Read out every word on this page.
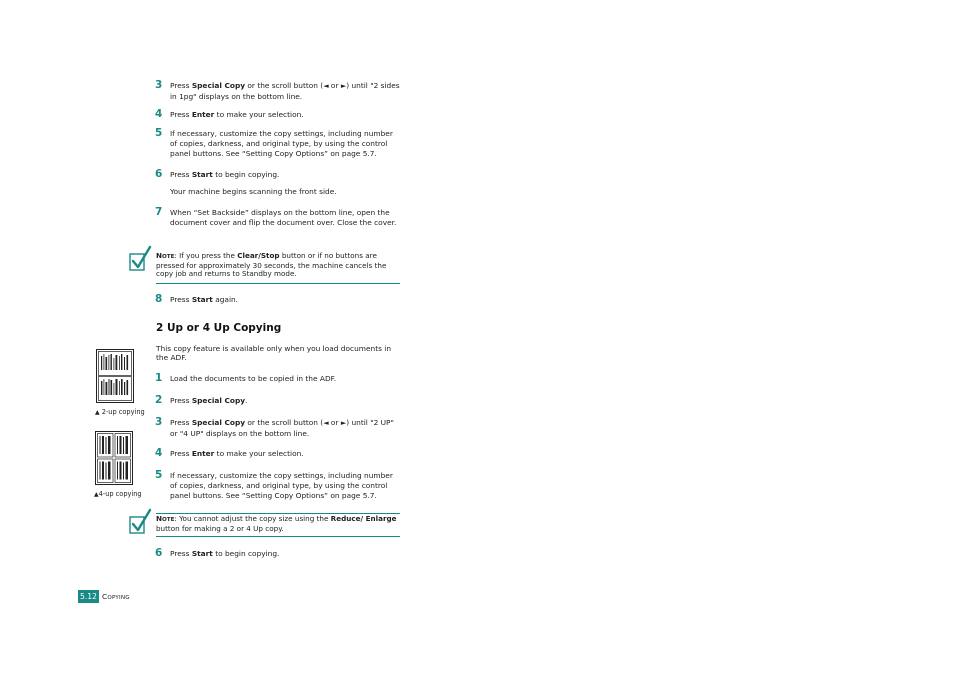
3	Press Special Copy or the scroll button (◄ or ►) until "2 sides in 1pg" displays on the bottom line.
4	Press Enter to make your selection.
5	If necessary, customize the copy settings, including number of copies, darkness, and original type, by using the control panel buttons. See “Setting Copy Options” on page 5.7.
6	Press Start to begin copying.
Your machine begins scanning the front side.
7	When “Set Backside” displays on the bottom line, open the document cover and flip the document over. Close the cover.
NOTE: If you press the Clear/Stop button or if no buttons are pressed for approximately 30 seconds, the machine cancels the copy job and returns to Standby mode.
8	Press Start again.
2 Up or 4 Up Copying
This copy feature is available only when you load documents in the ADF.
1	Load the documents to be copied in the ADF.
2	Press Special Copy.
3	Press Special Copy or the scroll button (◄ or ►) until "2 UP" or "4 UP" displays on the bottom line.
4	Press Enter to make your selection.
5	If necessary, customize the copy settings, including number of copies, darkness, and original type, by using the control panel buttons. See “Setting Copy Options” on page 5.7.
NOTE: You cannot adjust the copy size using the Reduce/ Enlarge button for making a 2 or 4 Up copy.
6	Press Start to begin copying.
▲ 2-up copying
▲4-up copying
5.12 COPYING
